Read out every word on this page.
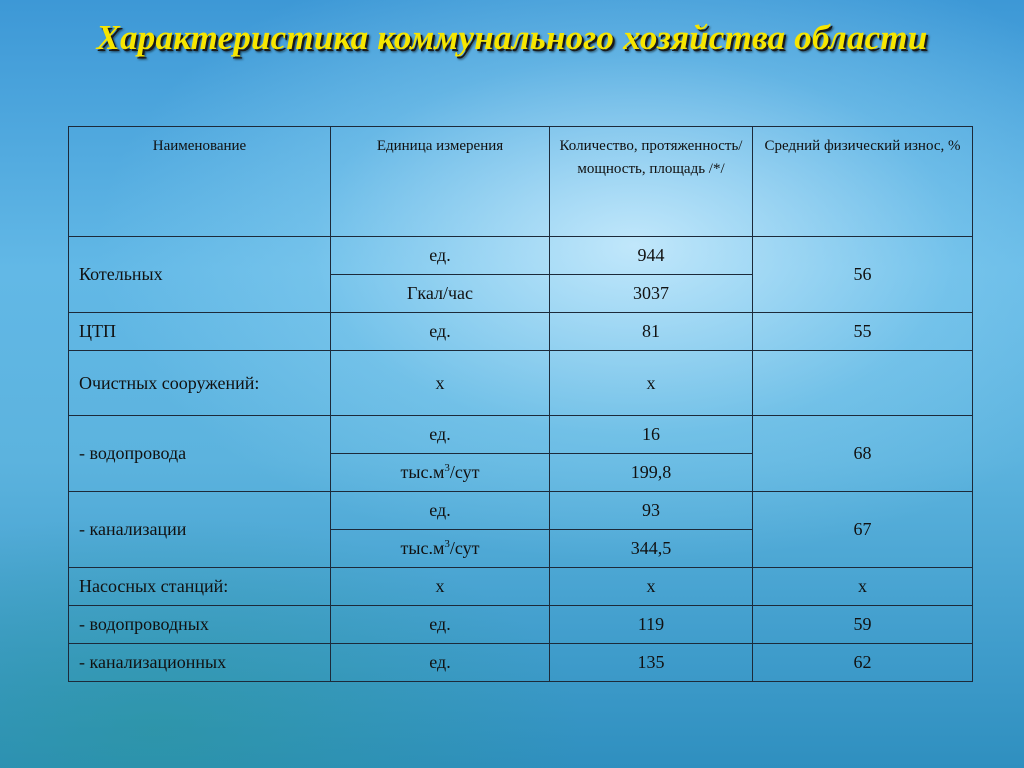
Характеристика коммунального хозяйства области
Наименование	Единица измерения	Количество, протяженность/ мощность, площадь /*/	Средний физический износ, %
Котельных	ед.	944	56
	Гкал/час	3037	
ЦТП	ед.	81	55
Очистных сооружений:	х	х	
- водопровода	ед.	16	68
	$тыс.м^3$/сут	199,8	
- канализации	ед.	93	67
	$тыс.м^3$/сут	344,5	
Насосных станций:	х	х	х
- водопроводных	ед.	119	59
- канализационных	ед.	135	62
